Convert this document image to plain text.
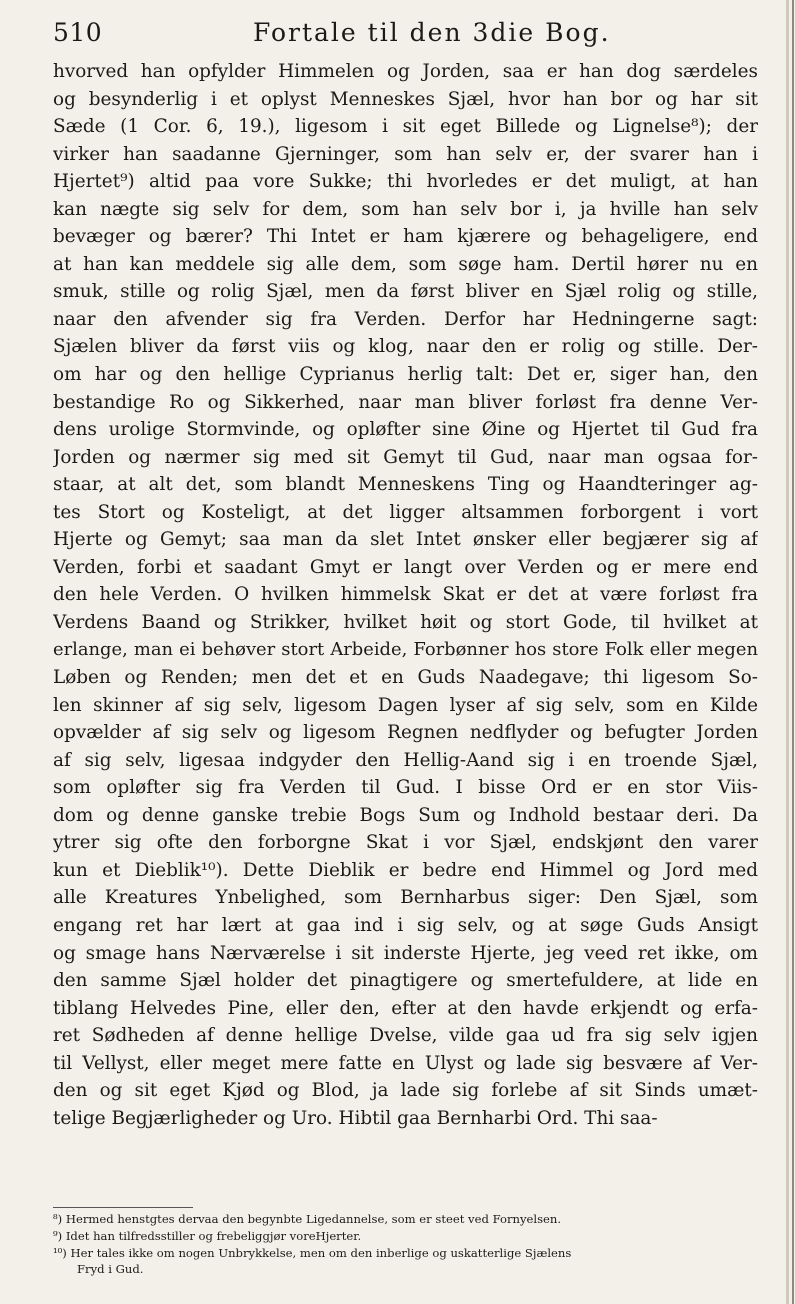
510	Fortale til den 3die Bog.
hvorved han opfylder Himmelen og Jorden, saa er han dog særdeles
og besynderlig i et oplyst Menneskes Sjæl, hvor han bor og har sit
Sæde (1 Cor. 6, 19.), ligesom i sit eget Billede og Lignelse⁸); der
virker han saadanne Gjerninger, som han selv er, der svarer han i
Hjertet⁹) altid paa vore Sukke; thi hvorledes er det muligt, at han
kan nægte sig selv for dem, som han selv bor i, ja hville han selv
bevæger og bærer? Thi Intet er ham kjærere og behageligere, end
at han kan meddele sig alle dem, som søge ham. Dertil hører nu en
smuk, stille og rolig Sjæl, men da først bliver en Sjæl rolig og stille,
naar den afvender sig fra Verden. Derfor har Hedningerne sagt:
Sjælen bliver da først viis og klog, naar den er rolig og stille. Der-
om har og den hellige Cyprianus herlig talt: Det er, siger han, den
bestandige Ro og Sikkerhed, naar man bliver forløst fra denne Ver-
dens urolige Stormvinde, og opløfter sine Øine og Hjertet til Gud fra
Jorden og nærmer sig med sit Gemyt til Gud, naar man ogsaa for-
staar, at alt det, som blandt Menneskens Ting og Haandteringer ag-
tes Stort og Kosteligt, at det ligger altsammen forborgent i vort
Hjerte og Gemyt; saa man da slet Intet ønsker eller begjærer sig af
Verden, forbi et saadant Gmyt er langt over Verden og er mere end
den hele Verden. O hvilken himmelsk Skat er det at være forløst fra
Verdens Baand og Strikker, hvilket høit og stort Gode, til hvilket at
erlange, man ei behøver stort Arbeide, Forbønner hos store Folk eller megen
Løben og Renden; men det et en Guds Naadegave; thi ligesom So-
len skinner af sig selv, ligesom Dagen lyser af sig selv, som en Kilde
opvælder af sig selv og ligesom Regnen nedflyder og befugter Jorden
af sig selv, ligesaa indgyder den Hellig-Aand sig i en troende Sjæl,
som opløfter sig fra Verden til Gud. I bisse Ord er en stor Viis-
dom og denne ganske trebie Bogs Sum og Indhold bestaar deri. Da
ytrer sig ofte den forborgne Skat i vor Sjæl, endskjønt den varer
kun et Dieblik¹⁰). Dette Dieblik er bedre end Himmel og Jord med
alle Kreatures Ynbelighed, som Bernharbus siger: Den Sjæl, som
engang ret har lært at gaa ind i sig selv, og at søge Guds Ansigt
og smage hans Nærværelse i sit inderste Hjerte, jeg veed ret ikke, om
den samme Sjæl holder det pinagtigere og smertefuldere, at lide en
tiblang Helvedes Pine, eller den, efter at den havde erkjendt og erfa-
ret Sødheden af denne hellige Dvelse, vilde gaa ud fra sig selv igjen
til Vellyst, eller meget mere fatte en Ulyst og lade sig besvære af Ver-
den og sit eget Kjød og Blod, ja lade sig forlebe af sit Sinds umæt-
telige Begjærligheder og Uro. Hibtil gaa Bernharbi Ord. Thi saa-
⁸) Hermed henstgtes dervaa den begynbte Ligedannelse, som er steet ved Fornyelsen.
⁹) Idet han tilfredsstiller og frebeliggjør voreHjerter.
¹⁰) Her tales ikke om nogen Unbrykkelse, men om den inberlige og uskatterlige Sjælens
Fryd i Gud.
